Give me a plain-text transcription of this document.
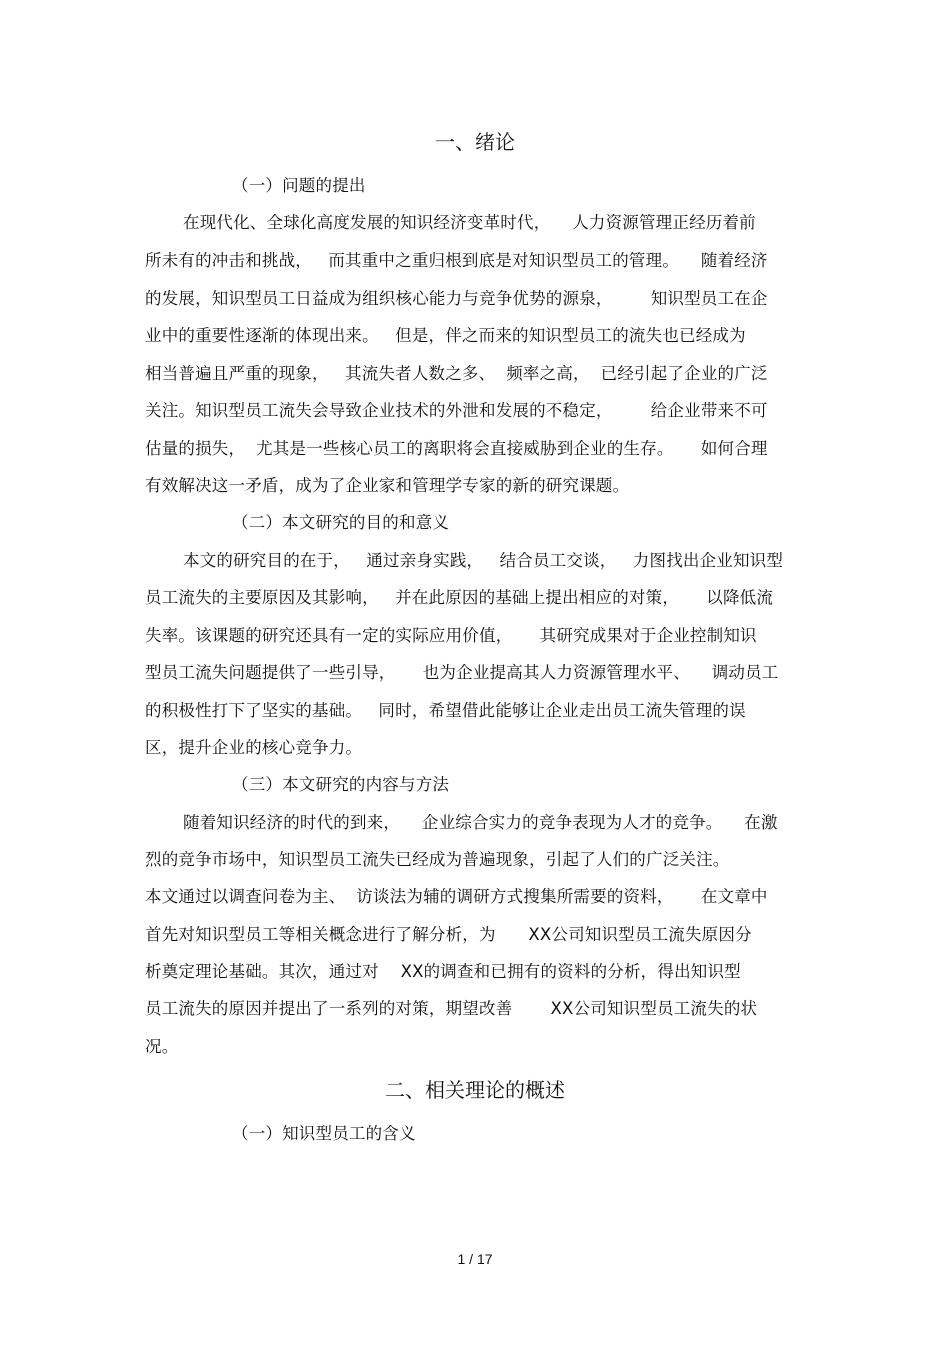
一、绪论
（一）问题的提出
在现代化、全球化高度发展的知识经济变革时代，    人力资源管理正经历着前
所未有的冲击和挑战，   而其重中之重归根到底是对知识型员工的管理。    随着经济
的发展，知识型员工日益成为组织核心能力与竞争优势的源泉，       知识型员工在企
业中的重要性逐渐的体现出来。   但是，伴之而来的知识型员工的流失也已经成为
相当普遍且严重的现象，   其流失者人数之多、  频率之高，  已经引起了企业的广泛
关注。知识型员工流失会导致企业技术的外泄和发展的不稳定，       给企业带来不可
估量的损失，  尤其是一些核心员工的离职将会直接威胁到企业的生存。     如何合理
有效解决这一矛盾，成为了企业家和管理学专家的新的研究课题。
（二）本文研究的目的和意义
本文的研究目的在于，   通过亲身实践，   结合员工交谈，   力图找出企业知识型
员工流失的主要原因及其影响，   并在此原因的基础上提出相应的对策，     以降低流
失率。该课题的研究还具有一定的实际应用价值，     其研究成果对于企业控制知识
型员工流失问题提供了一些引导，     也为企业提高其人力资源管理水平、    调动员工
的积极性打下了坚实的基础。   同时，希望借此能够让企业走出员工流失管理的误
区，提升企业的核心竞争力。
（三）本文研究的内容与方法
随着知识经济的时代的到来，    企业综合实力的竞争表现为人才的竞争。    在激
烈的竞争市场中，知识型员工流失已经成为普遍现象，引起了人们的广泛关注。
本文通过以调查问卷为主、  访谈法为辅的调研方式搜集所需要的资料，     在文章中
首先对知识型员工等相关概念进行了解分析，为      XX公司知识型员工流失原因分
析奠定理论基础。其次，通过对    XX的调查和已拥有的资料的分析，得出知识型
员工流失的原因并提出了一系列的对策，期望改善       XX公司知识型员工流失的状
况。
二、相关理论的概述
（一）知识型员工的含义
1 / 17
